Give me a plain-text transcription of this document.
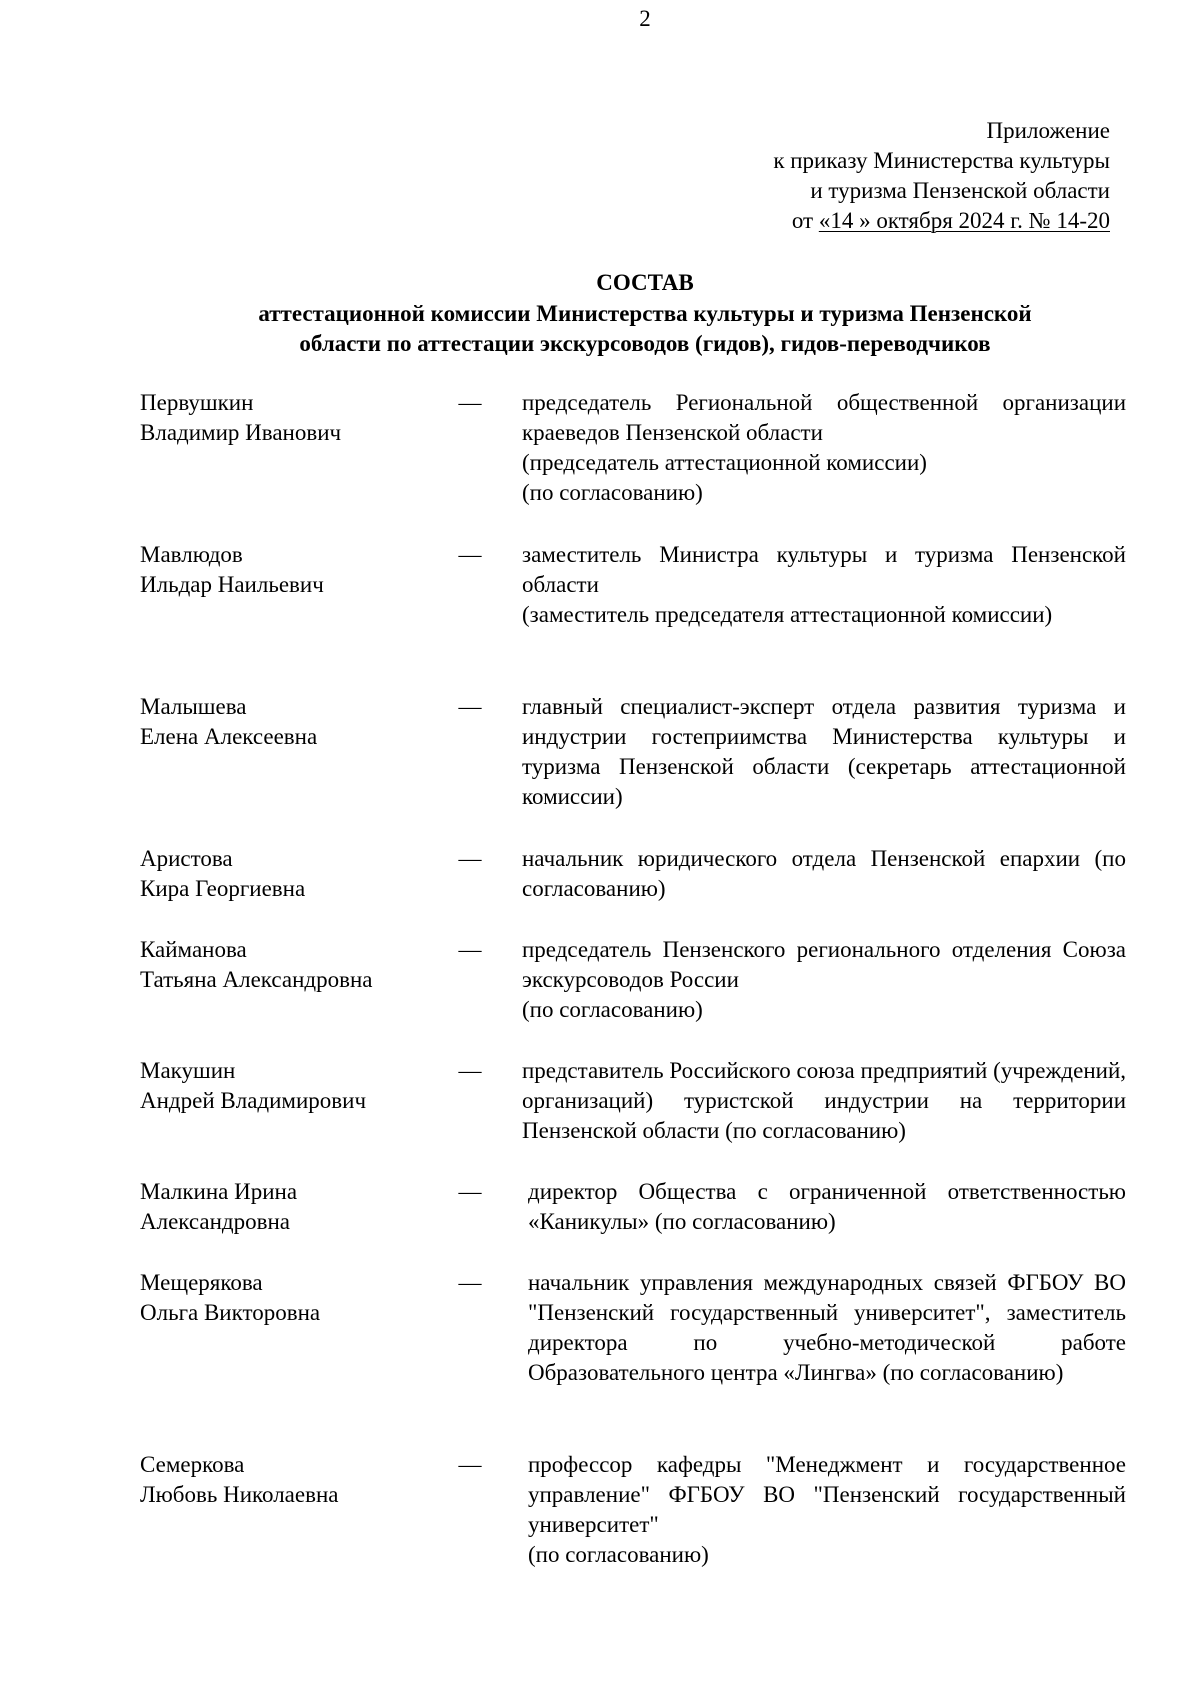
2
Приложение
к приказу Министерства культуры
и туризма Пензенской области
от «14 » октября 2024 г. № 14-20
СОСТАВ
аттестационной комиссии Министерства культуры и туризма Пензенской
области по аттестации экскурсоводов (гидов), гидов-переводчиков
Первушкин
Владимир Иванович
—	председатель Региональной общественной организации краеведов Пензенской области

(председатель аттестационной комиссии)

(по согласованию)

Мавлюдов
Ильдар Наильевич
—	заместитель Министра культуры и туризма Пензенской области

(заместитель председателя аттестационной комиссии)

Малышева
Елена Алексеевна
—	главный специалист-эксперт отдела развития туризма и индустрии гостеприимства Министерства культуры и туризма Пензенской области (секретарь аттестационной комиссии)

Аристова
Кира Георгиевна
—	начальник юридического отдела Пензенской епархии (по согласованию)

Кайманова
Татьяна Александровна
—	председатель Пензенского регионального отделения Союза экскурсоводов России

(по согласованию)

Макушин
Андрей Владимирович
—	представитель Российского союза предприятий (учреждений, организаций) туристской индустрии на территории Пензенской области (по согласованию)

Малкина Ирина
Александровна
—	директор Общества с ограниченной ответственностью «Каникулы» (по согласованию)

Мещерякова
Ольга Викторовна
—	начальник управления международных связей ФГБОУ ВО "Пензенский государственный университет", заместитель директора по учебно-методической работе Образовательного центра «Лингва» (по согласованию)

Семеркова
Любовь Николаевна
—	профессор кафедры "Менеджмент и государственное управление" ФГБОУ ВО "Пензенский государственный университет"

(по согласованию)
